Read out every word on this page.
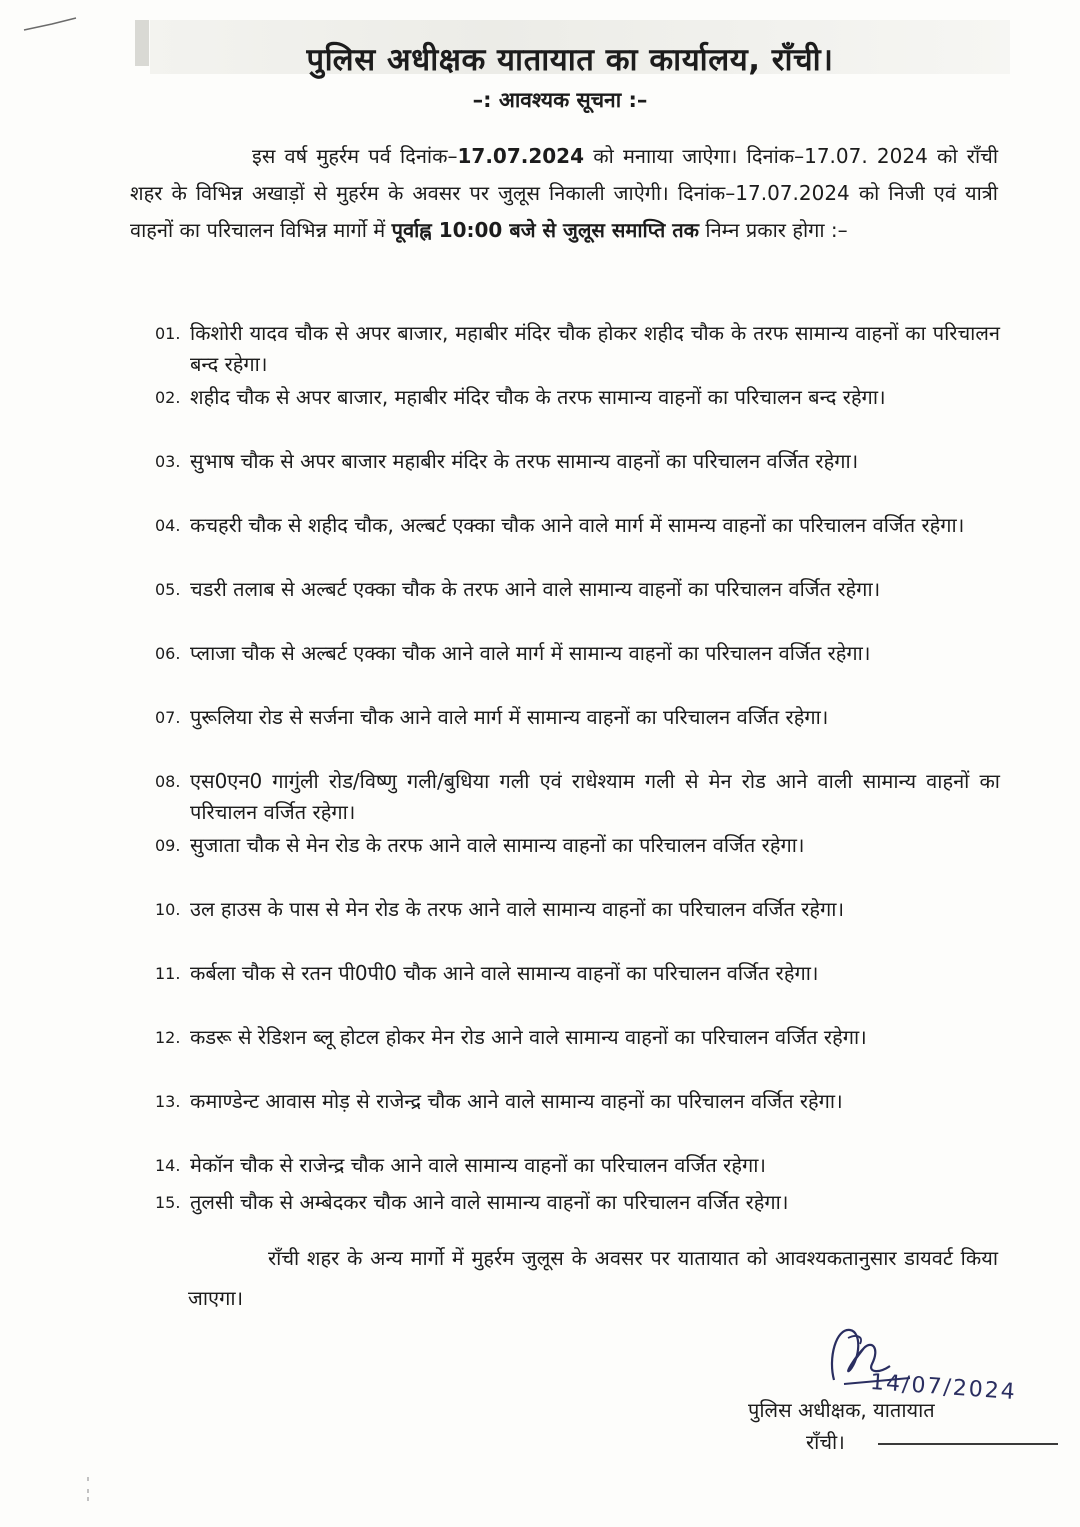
पुलिस अधीक्षक यातायात का कार्यालय, राँची।
–: आवश्यक सूचना :–

इस वर्ष मुहर्रम पर्व दिनांक–17.07.2024 को मनााया जाऐगा। दिनांक–17.07. 2024 को राँची शहर के विभिन्न अखाड़ों से मुहर्रम के अवसर पर जुलूस निकाली जाऐगी। दिनांक–17.07.2024 को निजी एवं यात्री वाहनों का परिचालन विभिन्न मार्गो में पूर्वाह्न 10:00 बजे से जुलूस समाप्ति तक निम्न प्रकार होगा :–

01. किशोरी यादव चौक से अपर बाजार, महाबीर मंदिर चौक होकर शहीद चौक के तरफ सामान्य वाहनों का परिचालन बन्द रहेगा।
02. शहीद चौक से अपर बाजार, महाबीर मंदिर चौक के तरफ सामान्य वाहनों का परिचालन बन्द रहेगा।
03. सुभाष चौक से अपर बाजार महाबीर मंदिर के तरफ सामान्य वाहनों का परिचालन वर्जित रहेगा।
04. कचहरी चौक से शहीद चौक, अल्बर्ट एक्का चौक आने वाले मार्ग में सामन्य वाहनों का परिचालन वर्जित रहेगा।
05. चडरी तलाब से अल्बर्ट एक्का चौक के तरफ आने वाले सामान्य वाहनों का परिचालन वर्जित रहेगा।
06. प्लाजा चौक से अल्बर्ट एक्का चौक आने वाले मार्ग में सामान्य वाहनों का परिचालन वर्जित रहेगा।
07. पुरूलिया रोड से सर्जना चौक आने वाले मार्ग में सामान्य वाहनों का परिचालन वर्जित रहेगा।
08. एस0एन0 गागुंली रोड/विष्णु गली/बुधिया गली एवं राधेश्याम गली से मेन रोड आने वाली सामान्य वाहनों का परिचालन वर्जित रहेगा।
09. सुजाता चौक से मेन रोड के तरफ आने वाले सामान्य वाहनों का परिचालन वर्जित रहेगा।
10. उल हाउस के पास से मेन रोड के तरफ आने वाले सामान्य वाहनों का परिचालन वर्जित रहेगा।
11. कर्बला चौक से रतन पी0पी0 चौक आने वाले सामान्य वाहनों का परिचालन वर्जित रहेगा।
12. कडरू से रेडिशन ब्लू होटल होकर मेन रोड आने वाले सामान्य वाहनों का परिचालन वर्जित रहेगा।
13. कमाण्डेन्ट आवास मोड़ से राजेन्द्र चौक आने वाले सामान्य वाहनों का परिचालन वर्जित रहेगा।
14. मेकॉन चौक से राजेन्द्र चौक आने वाले सामान्य वाहनों का परिचालन वर्जित रहेगा।
15. तुलसी चौक से अम्बेदकर चौक आने वाले सामान्य वाहनों का परिचालन वर्जित रहेगा।

राँची शहर के अन्य मार्गो में मुहर्रम जुलूस के अवसर पर यातायात को आवश्यकतानुसार डायवर्ट किया जाएगा।

14/07/2024
पुलिस अधीक्षक, यातायात
राँची।
